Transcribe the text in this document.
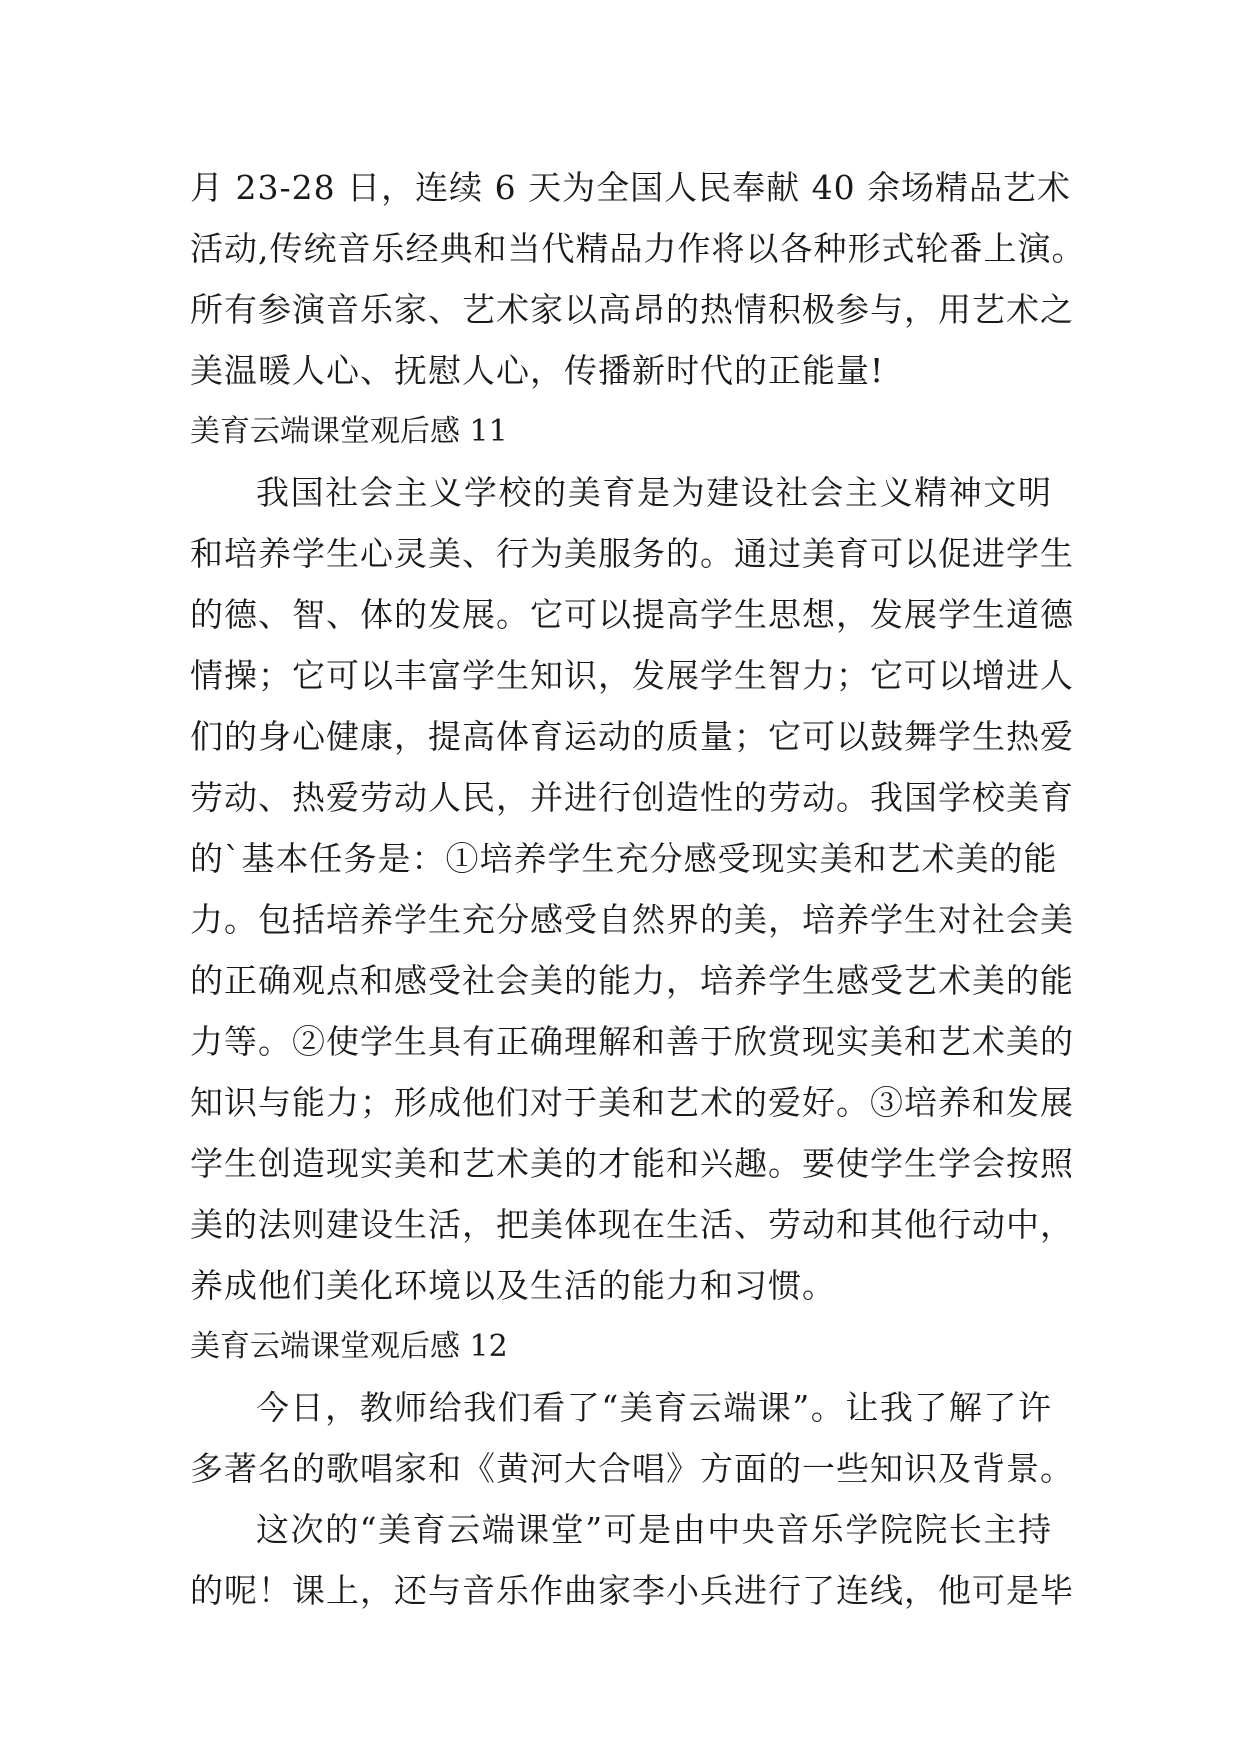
月 23-28 日，连续 6 天为全国人民奉献 40 余场精品艺术
活动,传统音乐经典和当代精品力作将以各种形式轮番上演。
所有参演音乐家、艺术家以高昂的热情积极参与，用艺术之
美温暖人心、抚慰人心，传播新时代的正能量!
美育云端课堂观后感 11
我国社会主义学校的美育是为建设社会主义精神文明
和培养学生心灵美、行为美服务的。通过美育可以促进学生
的德、智、体的发展。它可以提高学生思想，发展学生道德
情操；它可以丰富学生知识，发展学生智力；它可以增进人
们的身心健康，提高体育运动的质量；它可以鼓舞学生热爱
劳动、热爱劳动人民，并进行创造性的劳动。我国学校美育
的`基本任务是：①培养学生充分感受现实美和艺术美的能
力。包括培养学生充分感受自然界的美，培养学生对社会美
的正确观点和感受社会美的能力，培养学生感受艺术美的能
力等。②使学生具有正确理解和善于欣赏现实美和艺术美的
知识与能力；形成他们对于美和艺术的爱好。③培养和发展
学生创造现实美和艺术美的才能和兴趣。要使学生学会按照
美的法则建设生活，把美体现在生活、劳动和其他行动中，
养成他们美化环境以及生活的能力和习惯。
美育云端课堂观后感 12
今日，教师给我们看了“美育云端课”。让我了解了许
多著名的歌唱家和《黄河大合唱》方面的一些知识及背景。
这次的“美育云端课堂”可是由中央音乐学院院长主持
的呢！课上，还与音乐作曲家李小兵进行了连线，他可是毕
